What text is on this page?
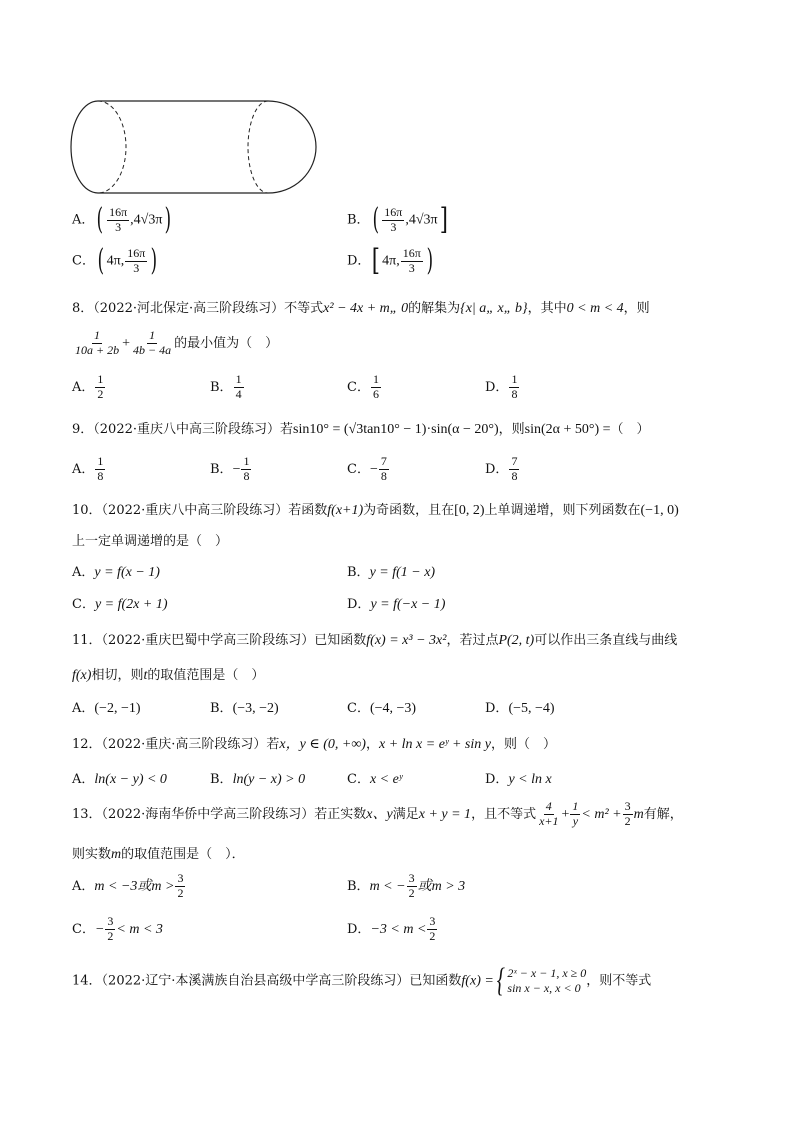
A．( $\frac{16\pi}{3} ,4√3\pi$)	B．( $\frac{16\pi}{3} ,4√3\pi$]
C．( 4π, $\frac{16\pi}{3}$ )	D．[ 4π, $\frac{16\pi}{3}$ )
8．（2022·河北保定·高三阶段练习）不等式x² − 4x + m„ 0的解集为{x| a„ x„ b}，其中0 < m < 4，则
$\frac{1}{10a + 2b} + \frac{1}{4b - 4a}$ 的最小值为（　）
A． $\frac{1}{2}$	B． $\frac{1}{4}$	C． $\frac{1}{6}$	D． $\frac{1}{8}$
9．（2022·重庆八中高三阶段练习）若sin10° = (√3tan10° − 1)·sin(α − 20°)，则sin(2α + 50°) =（　）
A． $\frac{1}{8}$	B．− $\frac{1}{8}$	C．− $\frac{7}{8}$	D． $\frac{7}{8}$
10．（2022·重庆八中高三阶段练习）若函数f(x+1)为奇函数，且在[0, 2)上单调递增，则下列函数在(−1, 0)
上一定单调递增的是（　）
A．y = f(x − 1)	B．y = f(1 − x)
C．y = f(2x + 1)	D．y = f(−x − 1)
11．（2022·重庆巴蜀中学高三阶段练习）已知函数f(x) = x³ − 3x²，若过点P(2, t)可以作出三条直线与曲线
f(x)相切，则t的取值范围是（　）
A．(−2, −1)	B．(−3, −2)	C．(−4, −3)	D．(−5, −4)
12．（2022·重庆·高三阶段练习）若x，y ∈ (0, +∞)，x + ln x = eʸ + sin y，则（　）
A．ln(x − y) < 0	B．ln(y − x) > 0	C．x < eʸ	D．y < ln x
13．（2022·海南华侨中学高三阶段练习）若正实数x、y满足x + y = 1，且不等式 $\frac{4}{x+1} + \frac{1}{y} < m^2 + \frac{3}{2}$ m有解，
则实数m的取值范围是（　）．
A．m < −3或$m > \frac{3}{2}$	B．m < − $\frac{3}{2}$ 或m > 3
C．− $\frac{3}{2} < m < 3$	D．$-3 < m < \frac{3}{2}$
14．（2022·辽宁·本溪满族自治县高级中学高三阶段练习）已知函数f(x) = { 2ˣ − x − 1, x ≥ 0
sin x − x, x < 0 ，则不等式
